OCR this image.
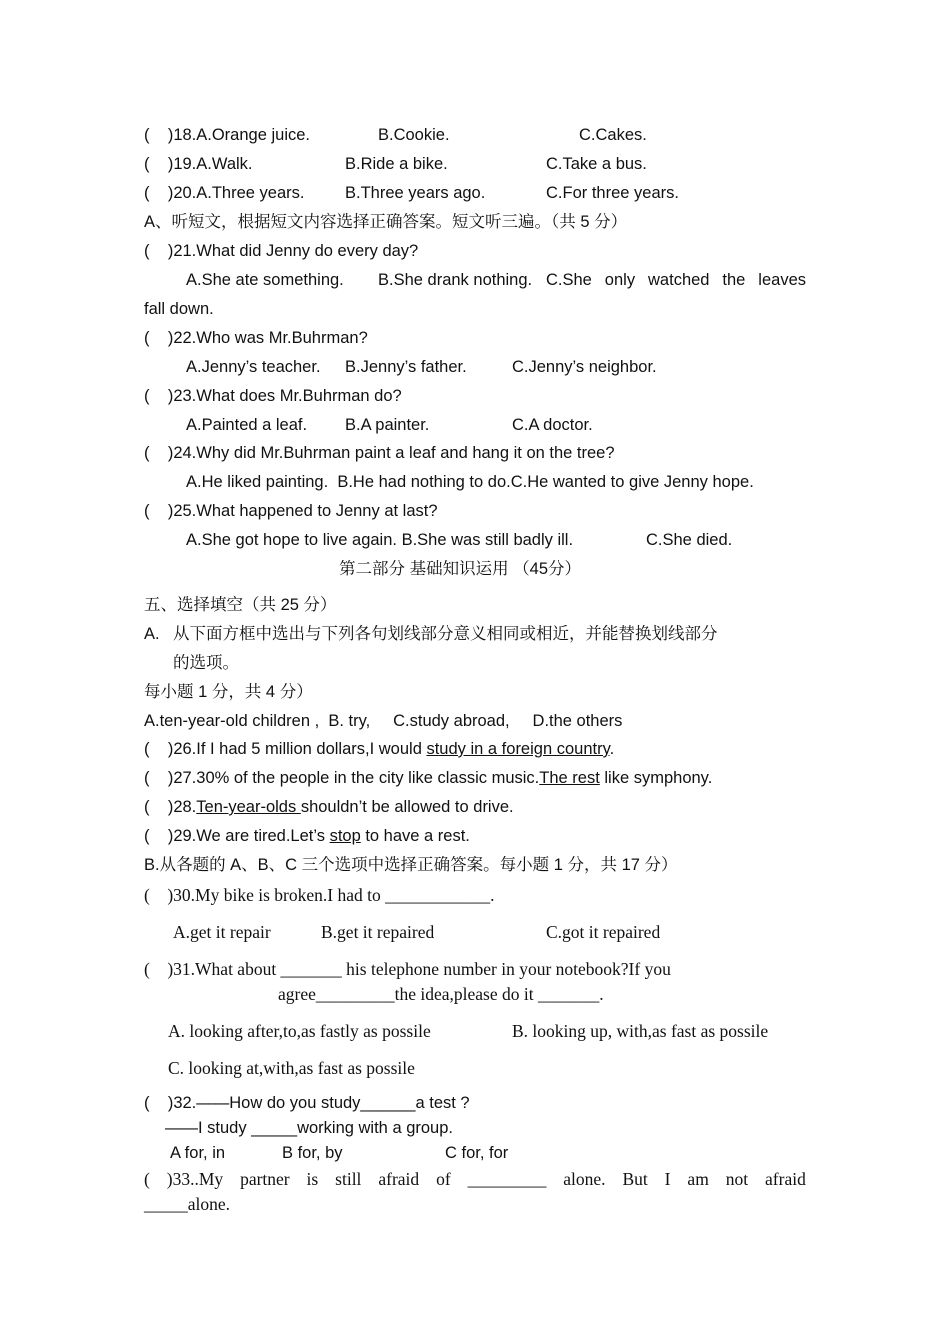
(    )18.A.Orange juice.	B.Cookie.	C.Cakes.
(    )19.A.Walk.	B.Ride a bike.	C.Take a bus.
(    )20.A.Three years. B.Three years ago.	C.For three years.
A、听短文，根据短文内容选择正确答案。短文听三遍。（共 5 分）
(    )21.What did Jenny do every day?
A.She ate something. B.She drank nothing. C.She only watched the leaves
fall down.
(    )22.Who was Mr.Buhrman?
A.Jenny’s teacher. B.Jenny’s father.	C.Jenny’s neighbor.
(    )23.What does Mr.Buhrman do?
A.Painted a leaf. B.A painter.	C.A doctor.
(    )24.Why did Mr.Buhrman paint a leaf and hang it on the tree?
A.He liked painting.  B.He had nothing to do.C.He wanted to give Jenny hope.
(    )25.What happened to Jenny at last?
A.She got hope to live again. B.She was still badly ill.	C.She died.
第二部分 基础知识运用 （45分）
五、选择填空（共 25 分）
A. 从下面方框中选出与下列各句划线部分意义相同或相近，并能替换划线部分
的选项。
每小题 1 分，共 4 分）
A.ten-year-old children ,  B. try,     C.study abroad,     D.the others
(    )26.If I had 5 million dollars,I would study in a foreign country.
(    )27.30% of the people in the city like classic music.The rest like symphony.
(    )28.Ten-year-olds shouldn’t be allowed to drive.
(    )29.We are tired.Let’s stop to have a rest.
B.从各题的 A、B、C 三个选项中选择正确答案。每小题 1 分，共 17 分）
(    )30.My bike is broken.I had to ____________.
A.get it repair	B.get it repaired	C.got it repaired
(    )31.What about _______ his telephone number in your notebook?If you
agree_________the idea,please do it _______.
A. looking after,to,as fastly as possile	B. looking up, with,as fast as possile
C. looking at,with,as fast as possile
(    )32.——How do you study______a test ?
——I study _____working with a group.
A for, in	B for, by	C for, for
( )33..My partner is still afraid of _________ alone. But I am not afraid
_____alone.
